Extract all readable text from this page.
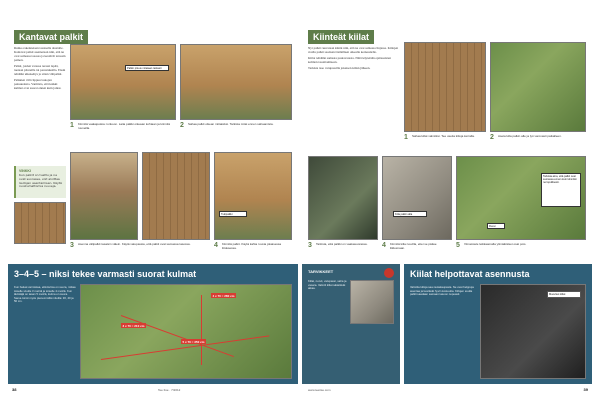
Kantavat palkit

Runko rakennetaan tasaiselle alustalle. Kantavat palkit asennetaan niin, että ne ovat samassa tasossa ja kestävät terassin painon.

Palkit, joiden varassa terassi lepää, tuetaan pilareilla tai perustuksilla. Ensin tehdään ulkokehys ja sitten välipalkit.

Palkkien väli riippuu lautojen paksuudesta. Varmista, että kaikki kulmat ovat suorat ennen kuin jatkat.

Palkin pituus mitataan tarkasti
1 Kiinnitä vaakajuoksu runkoon. Laita palkki oikeaan kohtaan ja kiinnitä ruuveilla.	2 Sahaa palkit oikean mittaisiksi. Tarkista mitat ennen sahaamista.
VINKKI
Kun palkit on tuettu ja ne ovat suorassa, voit aloittaa lautojen asentamisen. Käytä ruostumattomia ruuveja.
Tukipalkki
3 Asenna välipalkit tasaisin välein. Käytä vatupassia, että palkit ovat samassa tasossa.	4 Kiinnitä palkit. Käytä kahta ruuvia jokaisessa liitoksessa.
3–4–5 – niksi tekee varmasti suorat kulmat
Kun haluat varmistaa, että kulma on suora, mittaa toiselle sivulle 3 metriä ja toiselle 4 metriä. Kun lävistäjä on tasan 5 metriä, kulma on suora. Sama toimii myös pienemmillä mitoilla: 30, 40 ja 50 cm.
3 x 70 = 210 cm
4 x 70 = 280 cm
5 x 70 = 350 cm
38	Tee Itse · 7/2012
Kiinteät kiilat

Nyt palkit ruuvataan kiinni niin, että ne ovat samassa linjassa. Kiilojen avulla palkit saadaan täsmälleen oikealle korkeudelle.

Kiilat tehdään samasta puutavarasta. Niitä käytetään epätasaisten kohtien tasoittamiseen.

Tarkista taso vatupassilla jokaisen kiilan jälkeen.

1 Sahaa kiilat valmiiksi. Tee useita kiiloja kerralla.	2 Aseta kiila palkin alle ja lyö varovasti paikalleen.
Kiila palkin alla
Tarkista aina, että palkit ovat suorassa ennen kuin kiinnität ne lopullisesti.
Ruuvi
3 Tarkista, että palkki on vaakasuorassa.	4 Kiinnitä kiila ruuvilla, ettei se pääse liikkumaan.	5 Viimeistele leikkaamalla ylimääräiset osat pois.
TARVIKKEET
Kiilat, ruuvit, vatupassi, saha ja vasara. Valmiit kiilat säästävät aikaa.
Kiilat helpottavat asennusta
Valmiita kiiloja saa rautakaupasta. Ne ovat helppoja asentaa ja kestävät hyvin kosteutta. Kiilojen avulla palkit saadaan samaan tasoon nopeasti.	Muoviset kiilat
www.teeitse.com	39
